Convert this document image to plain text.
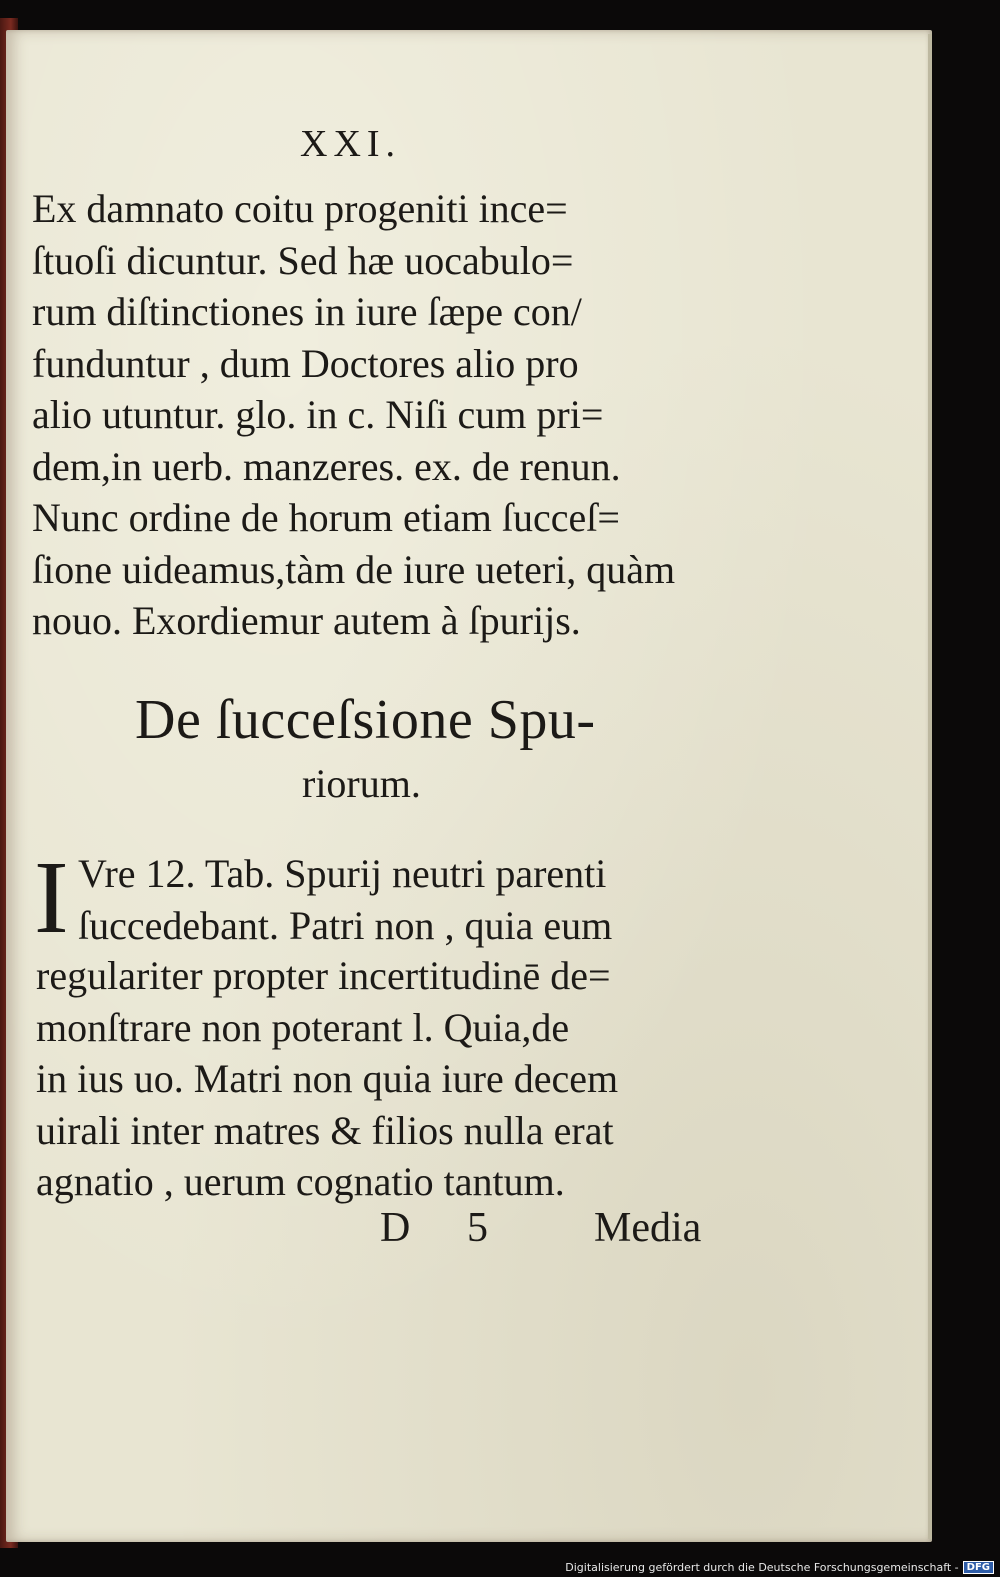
XXI.
Ex damnato coitu progeniti ince=
ſtuoſi dicuntur. Sed hæ uocabulo=
rum diſtinctiones in iure ſæpe con/
funduntur , dum Doctores alio pro
alio utuntur. glo. in c. Niſi cum pri=
dem,in uerb. manzeres. ex. de renun.
Nunc ordine de horum etiam ſucceſ=
ſione uideamus,tàm de iure ueteri, quàm
nouo. Exordiemur autem à ſpurijs.
De ſucceſsione Spu-
riorum.
I Vre 12. Tab. Spurij neutri parenti
ſuccedebant. Patri non , quia eum
regulariter propter incertitudinē de=
monſtrare non poterant l. Quia,de
in ius uo. Matri non quia iure decem
uirali inter matres & filios nulla erat
agnatio , uerum cognatio tantum.
D 5	Media
Digitalisierung gefördert durch die Deutsche Forschungsgemeinschaft - DFG
